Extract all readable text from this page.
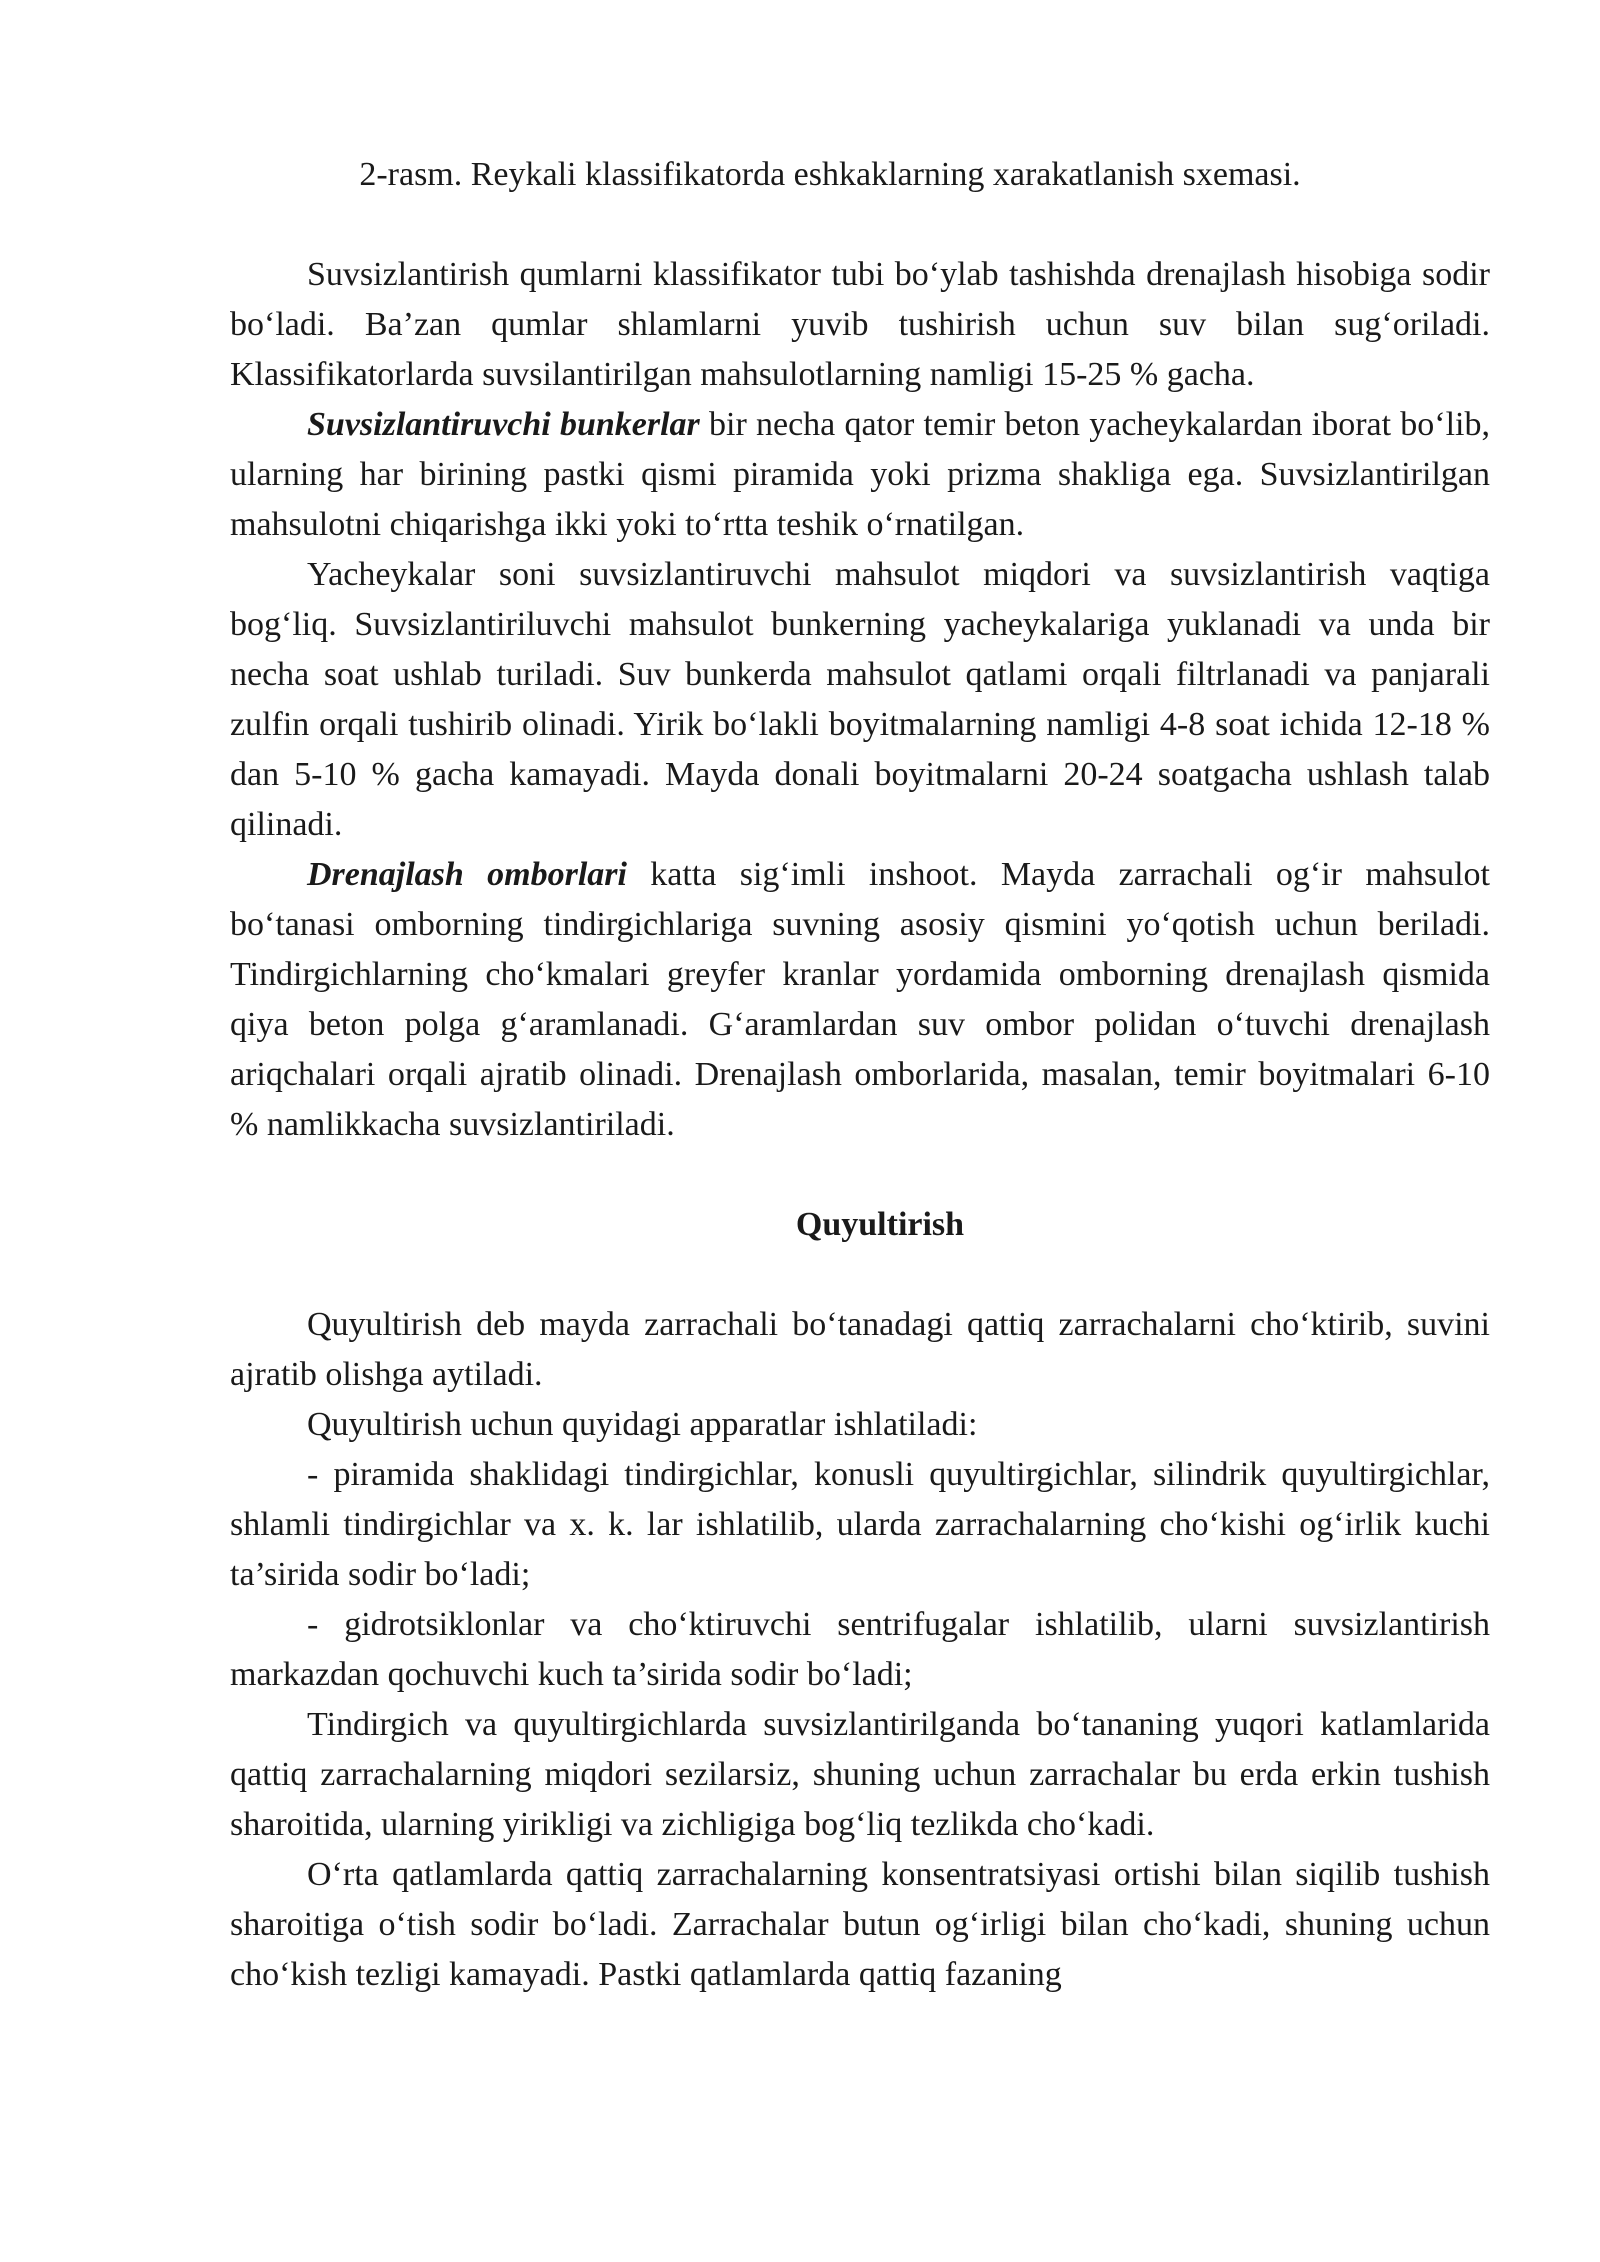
2-rasm. Reykali klassifikatorda eshkaklarning xarakatlanish sxemasi.

Suvsizlantirish qumlarni klassifikator tubi bo‘ylab tashishda drenajlash hisobiga sodir bo‘ladi. Ba’zan qumlar shlamlarni yuvib tushirish uchun suv bilan sug‘oriladi. Klassifikatorlarda suvsilantirilgan mahsulotlarning namligi 15-25 % gacha.

Suvsizlantiruvchi bunkerlar bir necha qator temir beton yacheykalardan iborat bo‘lib, ularning har birining pastki qismi piramida yoki prizma shakliga ega. Suvsizlantirilgan mahsulotni chiqarishga ikki yoki to‘rtta teshik o‘rnatilgan.

Yacheykalar soni suvsizlantiruvchi mahsulot miqdori va suvsizlantirish vaqtiga bog‘liq. Suvsizlantiriluvchi mahsulot bunkerning yacheykalariga yuklanadi va unda bir necha soat ushlab turiladi. Suv bunkerda mahsulot qatlami orqali filtrlanadi va panjarali zulfin orqali tushirib olinadi. Yirik bo‘lakli boyitmalarning namligi 4-8 soat ichida 12-18 % dan 5-10 % gacha kamayadi. Mayda donali boyitmalarni 20-24 soatgacha ushlash talab qilinadi.

Drenajlash omborlari katta sig‘imli inshoot. Mayda zarrachali og‘ir mahsulot bo‘tanasi omborning tindirgichlariga suvning asosiy qismini yo‘qotish uchun beriladi. Tindirgichlarning cho‘kmalari greyfer kranlar yordamida omborning drenajlash qismida qiya beton polga g‘aramlanadi. G‘aramlardan suv ombor polidan o‘tuvchi drenajlash ariqchalari orqali ajratib olinadi. Drenajlash omborlarida, masalan, temir boyitmalari 6-10 % namlikkacha suvsizlantiriladi.

Quyultirish

Quyultirish deb mayda zarrachali bo‘tanadagi qattiq zarrachalarni cho‘ktirib, suvini ajratib olishga aytiladi.

Quyultirish uchun quyidagi apparatlar ishlatiladi:

- piramida shaklidagi tindirgichlar, konusli quyultirgichlar, silindrik quyultirgichlar, shlamli tindirgichlar va x. k. lar ishlatilib, ularda zarrachalarning cho‘kishi og‘irlik kuchi ta’sirida sodir bo‘ladi;

- gidrotsiklonlar va cho‘ktiruvchi sentrifugalar ishlatilib, ularni suvsizlantirish markazdan qochuvchi kuch ta’sirida sodir bo‘ladi;

Tindirgich va quyultirgichlarda suvsizlantirilganda bo‘tananing yuqori katlamlarida qattiq zarrachalarning miqdori sezilarsiz, shuning uchun zarrachalar bu erda erkin tushish sharoitida, ularning yirikligi va zichligiga bog‘liq tezlikda cho‘kadi.

O‘rta qatlamlarda qattiq zarrachalarning konsentratsiyasi ortishi bilan siqilib tushish sharoitiga o‘tish sodir bo‘ladi. Zarrachalar butun og‘irligi bilan cho‘kadi, shuning uchun cho‘kish tezligi kamayadi. Pastki qatlamlarda qattiq fazaning
